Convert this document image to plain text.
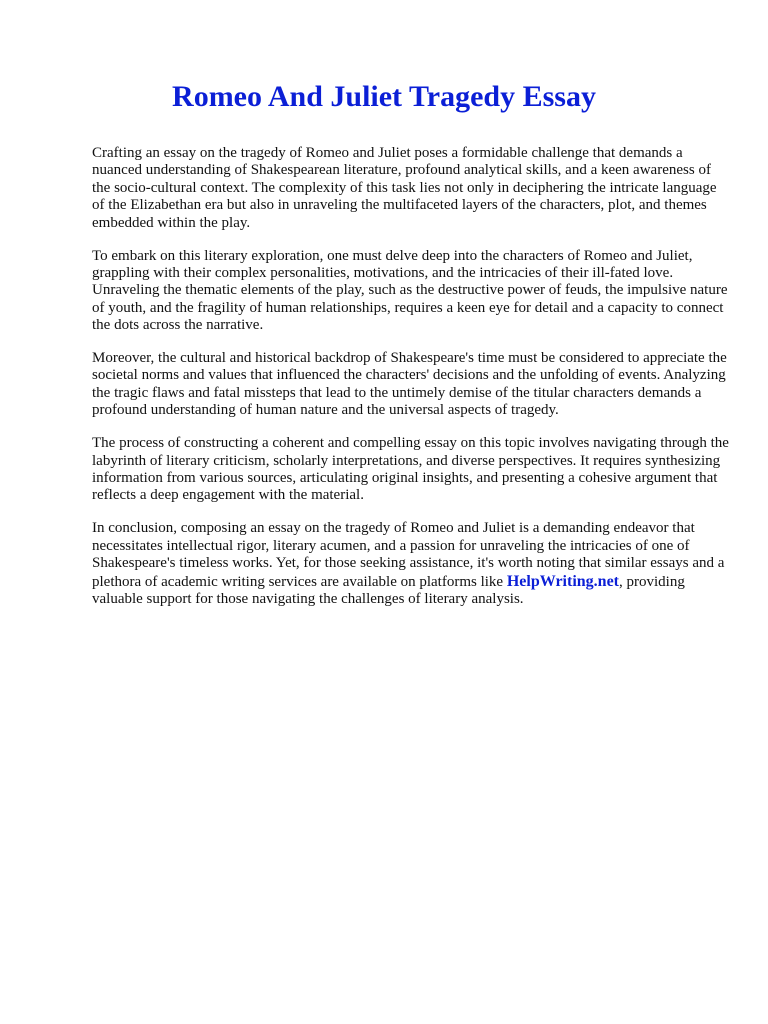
Romeo And Juliet Tragedy Essay

Crafting an essay on the tragedy of Romeo and Juliet poses a formidable challenge that demands a nuanced understanding of Shakespearean literature, profound analytical skills, and a keen awareness of the socio-cultural context. The complexity of this task lies not only in deciphering the intricate language of the Elizabethan era but also in unraveling the multifaceted layers of the characters, plot, and themes embedded within the play.

To embark on this literary exploration, one must delve deep into the characters of Romeo and Juliet, grappling with their complex personalities, motivations, and the intricacies of their ill-fated love. Unraveling the thematic elements of the play, such as the destructive power of feuds, the impulsive nature of youth, and the fragility of human relationships, requires a keen eye for detail and a capacity to connect the dots across the narrative.

Moreover, the cultural and historical backdrop of Shakespeare's time must be considered to appreciate the societal norms and values that influenced the characters' decisions and the unfolding of events. Analyzing the tragic flaws and fatal missteps that lead to the untimely demise of the titular characters demands a profound understanding of human nature and the universal aspects of tragedy.

The process of constructing a coherent and compelling essay on this topic involves navigating through the labyrinth of literary criticism, scholarly interpretations, and diverse perspectives. It requires synthesizing information from various sources, articulating original insights, and presenting a cohesive argument that reflects a deep engagement with the material.

In conclusion, composing an essay on the tragedy of Romeo and Juliet is a demanding endeavor that necessitates intellectual rigor, literary acumen, and a passion for unraveling the intricacies of one of Shakespeare's timeless works. Yet, for those seeking assistance, it's worth noting that similar essays and a plethora of academic writing services are available on platforms like HelpWriting.net, providing valuable support for those navigating the challenges of literary analysis.
